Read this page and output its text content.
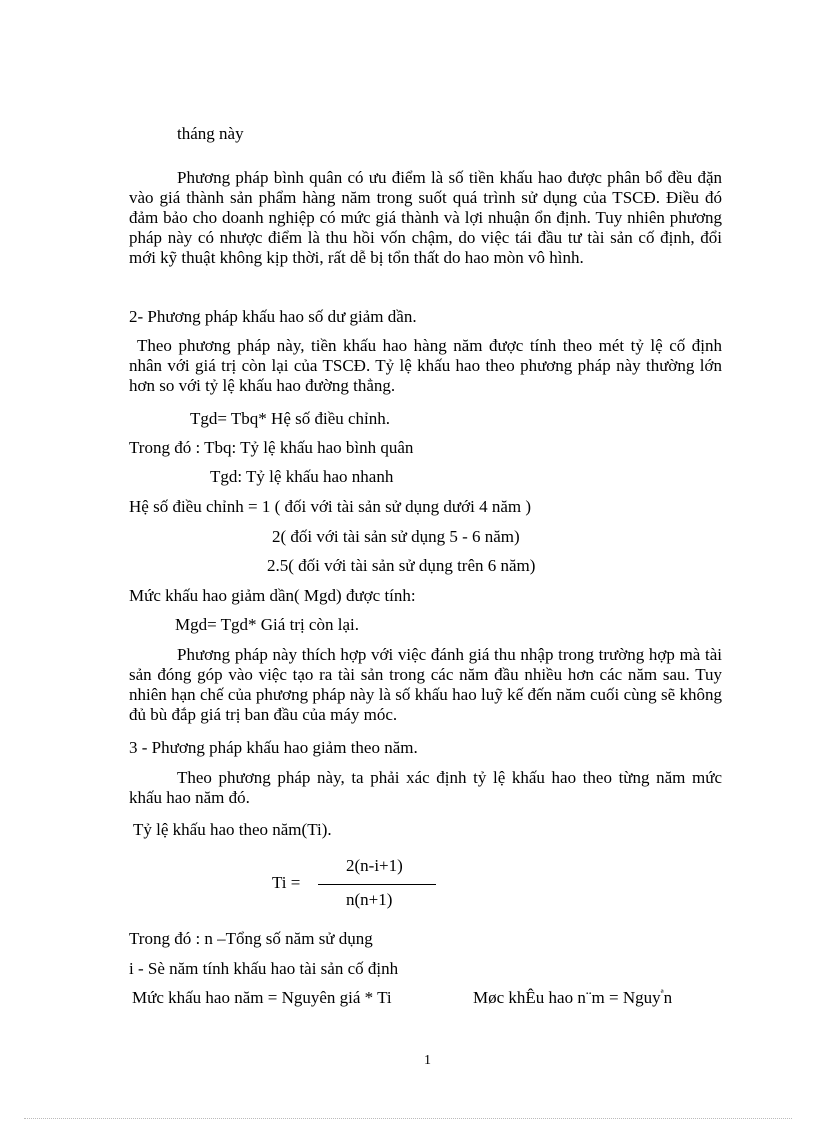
tháng này
Phương pháp bình quân có ưu điểm là số tiền khấu hao được phân bổ đều đặn vào giá thành sản phẩm hàng năm trong suốt quá trình sử dụng của TSCĐ. Điều đó đảm bảo cho doanh nghiệp có mức giá thành và lợi nhuận ổn định. Tuy nhiên phương pháp này có nhược điểm là thu hồi vốn chậm, do việc tái đầu tư tài sản cố định, đổi mới kỹ thuật không kịp thời, rất dễ bị tổn thất do hao mòn vô hình.
2- Phương pháp khấu hao số dư giảm dần.
Theo phương pháp này, tiền khấu hao hàng năm được tính theo mét tỷ lệ cố định nhân với giá trị còn lại của TSCĐ. Tỷ lệ khấu hao theo phương pháp này thường lớn hơn so với tỷ lệ khấu hao đường thẳng.
Tgd= Tbq* Hệ số điều chỉnh.
Trong đó : Tbq: Tỷ lệ khấu hao bình quân
Tgd: Tỷ lệ khấu hao nhanh
Hệ số điều chỉnh = 1 ( đối với tài sản sử dụng dưới 4 năm )
2( đối với tài sản sử dụng 5 - 6 năm)
2.5( đối với tài sản sử dụng trên 6 năm)
Mức khấu hao giảm dần( Mgd) được tính:
Mgd= Tgd* Giá trị còn lại.
Phương pháp này thích hợp với việc đánh giá thu nhập trong trường hợp mà tài sản đóng góp vào việc tạo ra tài sản trong các năm đầu nhiều hơn các năm sau. Tuy nhiên hạn chế của phương pháp này là số khấu hao luỹ kế đến năm cuối cùng sẽ không đủ bù đắp giá trị ban đầu của máy móc.
3 - Phương pháp khấu hao giảm theo năm.
Theo phương pháp này, ta phải xác định tỷ lệ khấu hao theo từng năm mức khấu hao năm đó.
Tỷ lệ khấu hao theo năm(Ti).
Ti =
2(n-i+1)
n(n+1)
Trong đó : n –Tổng số năm sử dụng
i - Sè năm tính khấu hao tài sản cố định
Mức khấu hao năm = Nguyên giá * Ti	Møc khÊu hao n¨m = Nguy$^ª$n
1
